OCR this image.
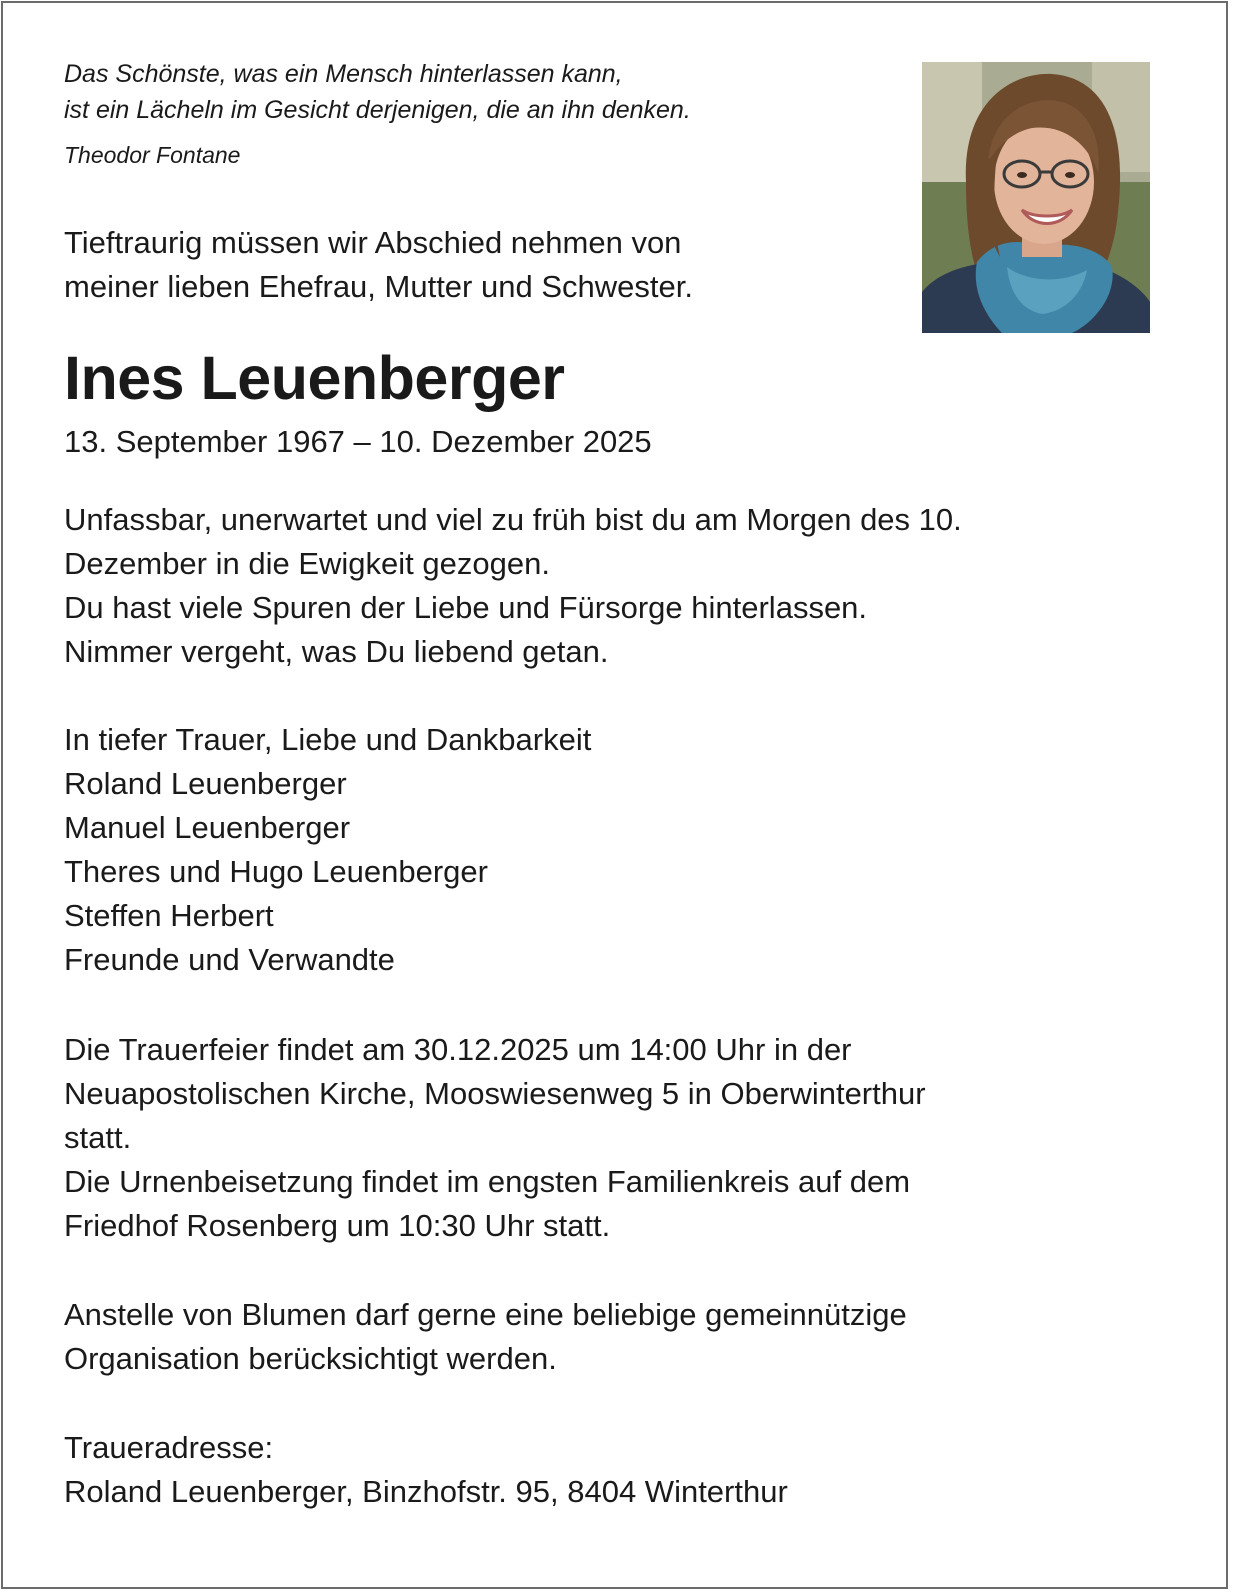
Das Schönste, was ein Mensch hinterlassen kann,
ist ein Lächeln im Gesicht derjenigen, die an ihn denken.
Theodor Fontane
Tieftraurig müssen wir Abschied nehmen von
meiner lieben Ehefrau, Mutter und Schwester.
Ines Leuenberger
13. September 1967 – 10. Dezember 2025
Unfassbar, unerwartet und viel zu früh bist du am Morgen des 10.
Dezember in die Ewigkeit gezogen.
Du hast viele Spuren der Liebe und Fürsorge hinterlassen.
Nimmer vergeht, was Du liebend getan.
In tiefer Trauer, Liebe und Dankbarkeit
Roland Leuenberger
Manuel Leuenberger
Theres und Hugo Leuenberger
Steffen Herbert
Freunde und Verwandte
Die Trauerfeier findet am 30.12.2025 um 14:00 Uhr in der
Neuapostolischen Kirche, Mooswiesenweg 5 in Oberwinterthur
statt.
Die Urnenbeisetzung findet im engsten Familienkreis auf dem
Friedhof Rosenberg um 10:30 Uhr statt.
Anstelle von Blumen darf gerne eine beliebige gemeinnützige
Organisation berücksichtigt werden.
Traueradresse:
Roland Leuenberger, Binzhofstr. 95, 8404 Winterthur
